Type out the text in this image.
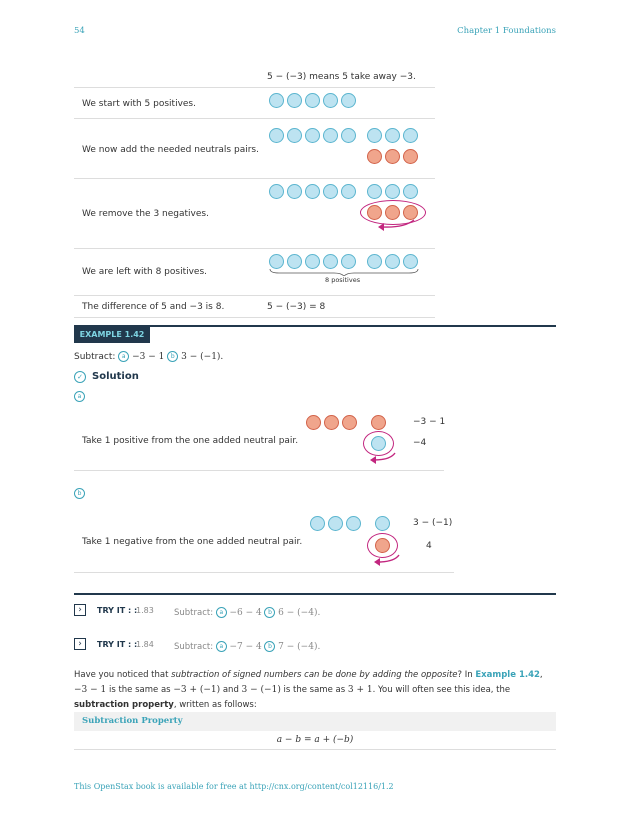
54	Chapter 1 Foundations
5 − (−3) means 5 take away −3.
We start with 5 positives.
We now add the needed neutrals pairs.
We remove the 3 negatives.
We are left with 8 positives.
8 positives
The difference of 5 and −3 is 8.	5 − (−3) = 8
EXAMPLE 1.42
Subtract: a −3 − 1 b 3 − (−1).
✓ Solution
a
Take 1 positive from the one added neutral pair.
−3 − 1
−4
b
Take 1 negative from the one added neutral pair.
3 − (−1)
4
›	TRY IT : :
1.83 Subtract: a −6 − 4 b 6 − (−4).
›	TRY IT : :
1.84 Subtract: a −7 − 4 b 7 − (−4).
Have you noticed that subtraction of signed numbers can be done by adding the opposite? In Example 1.42, −3 − 1 is the same as −3 + (−1) and 3 − (−1) is the same as 3 + 1. You will often see this idea, the subtraction property, written as follows:
Subtraction Property
a − b = a + (−b)
This OpenStax book is available for free at http://cnx.org/content/col12116/1.2
